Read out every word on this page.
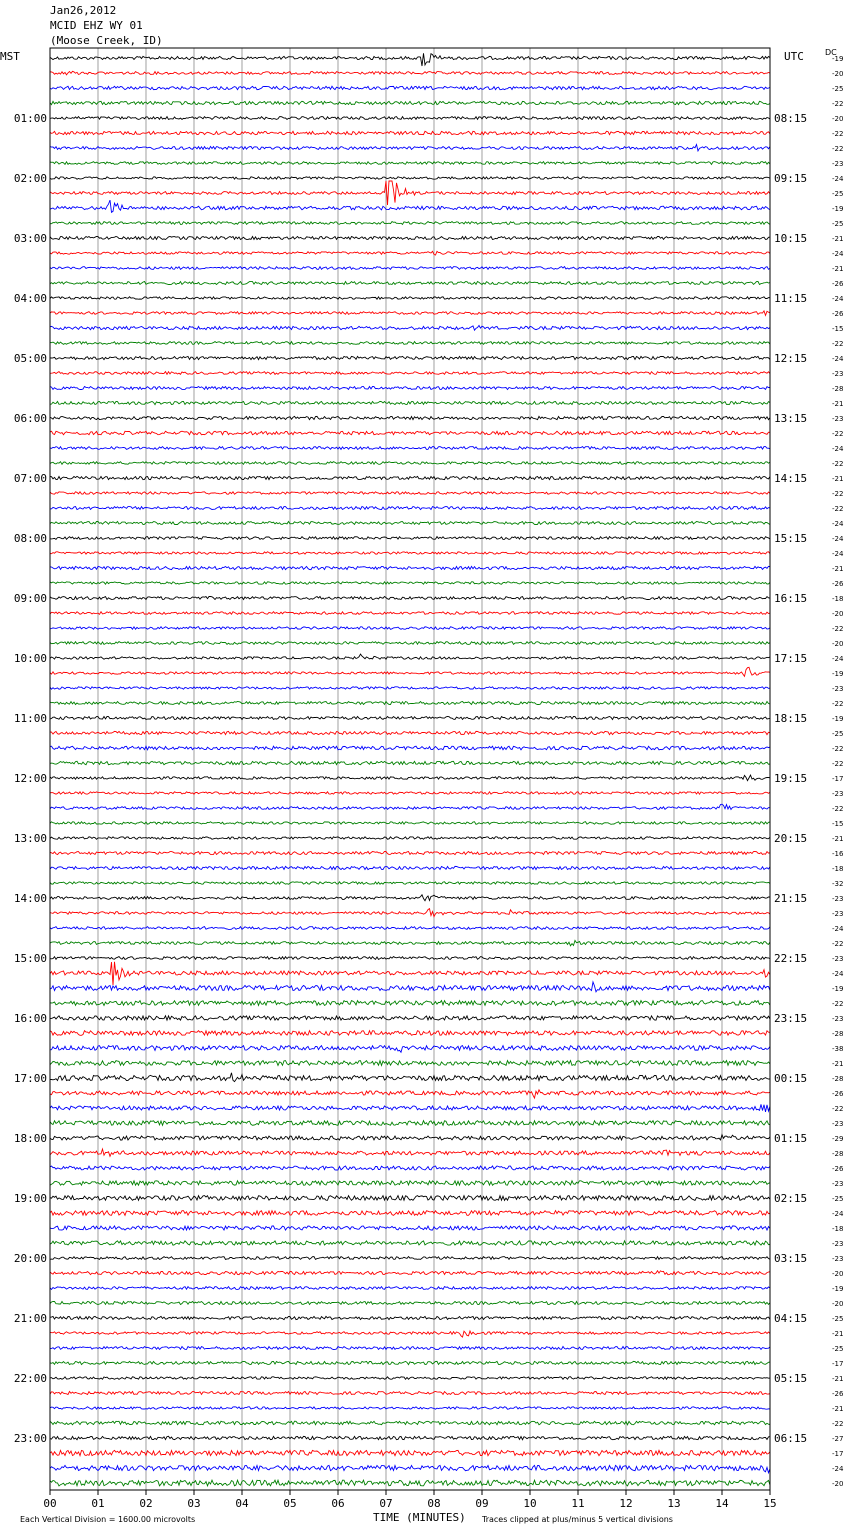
Jan26,2012
MCID EHZ WY 01
(Moose Creek, ID)
MST	UTC	DC
01:00
02:00
03:00
04:00
05:00
06:00
07:00
08:00
09:00
10:00
11:00
12:00
13:00
14:00
15:00
16:00
17:00
18:00
19:00
20:00
21:00
22:00
23:00
08:15
09:15
10:15
11:15
12:15
13:15
14:15
15:15
16:15
17:15
18:15
19:15
20:15
21:15
22:15
23:15
00:15
01:15
02:15
03:15
04:15
05:15
06:15
-19
-20
-25
-22
-20
-22
-22
-23
-24
-25
-19
-25
-21
-24
-21
-26
-24
-26
-15
-22
-24
-23
-28
-21
-23
-22
-24
-22
-21
-22
-22
-24
-24
-24
-21
-26
-18
-20
-22
-20
-24
-19
-23
-22
-19
-25
-22
-22
-17
-23
-22
-15
-21
-16
-18
-32
-23
-23
-24
-22
-23
-24
-19
-22
-23
-28
-38
-21
-28
-26
-22
-23
-29
-28
-26
-23
-25
-24
-18
-23
-23
-20
-19
-20
-25
-21
-25
-17
-21
-26
-21
-22
-27
-17
-24
-20
00	01	02	03	04	05	06	07	08	09	10	11	12	13	14	15
Each Vertical Division = 1600.00 microvolts	TIME (MINUTES) Traces clipped at plus/minus 5 vertical divisions
